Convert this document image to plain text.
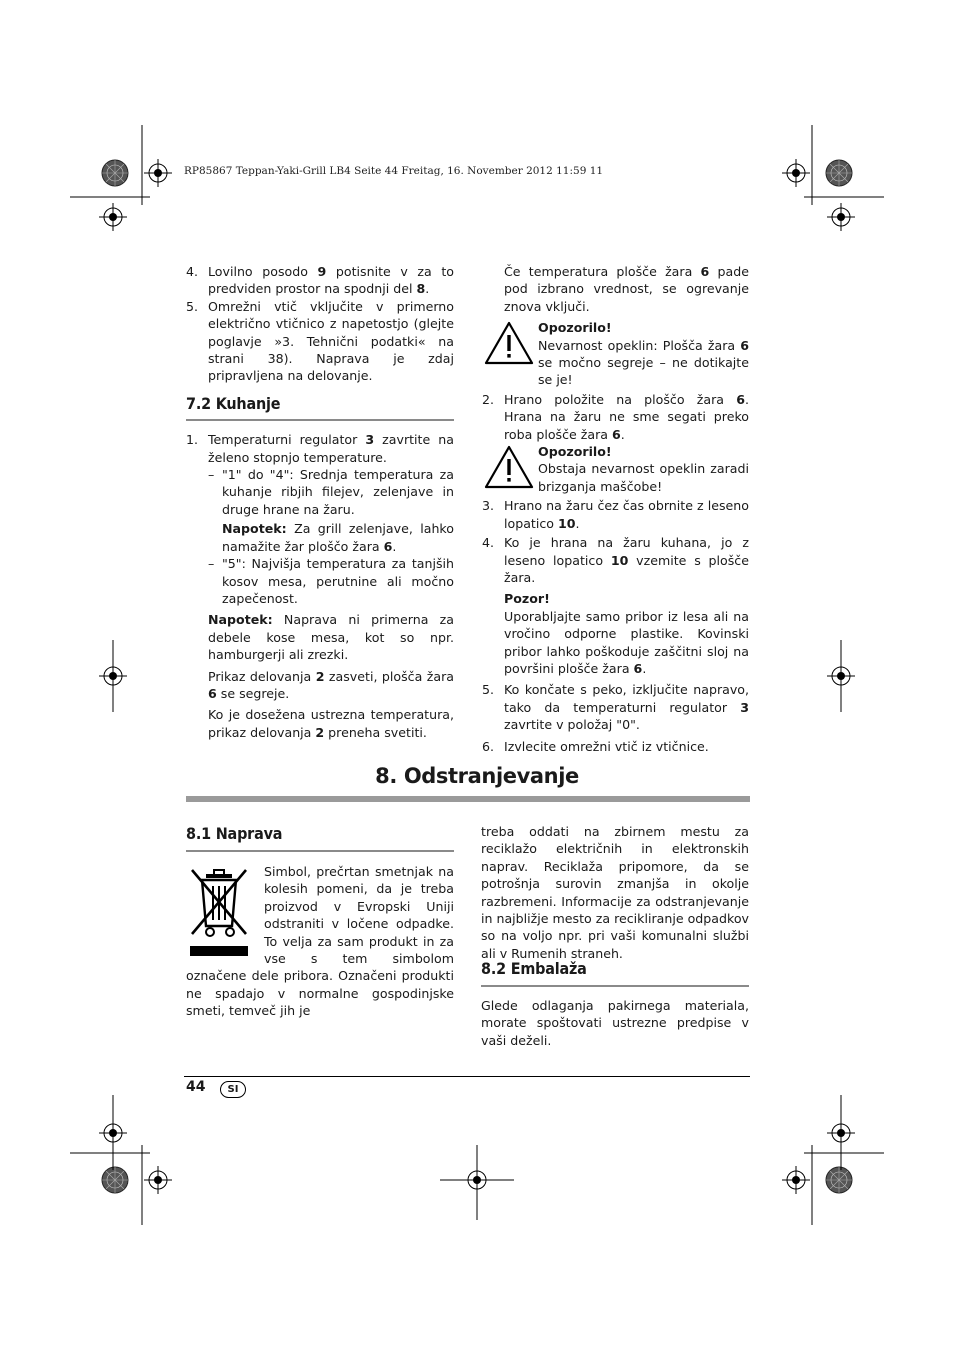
RP85867 Teppan-Yaki-Grill LB4 Seite 44 Freitag, 16. November 2012 11:59 11
4. Lovilno posodo 9 potisnite v za to predviden prostor na spodnji del 8.

5. Omrežni vtič vključite v primerno električno vtičnico z napetostjo (glejte poglavje »3. Tehnični podatki« na strani 38). Naprava je zdaj pripravljena na delovanje.

7.2 Kuhanje
1. Temperaturni regulator 3 zavrtite na želeno stopnjo temperature.

– "1" do "4": Srednja temperatura za kuhanje ribjih filejev, zelenjave in druge hrane na žaru.

Napotek: Za grill zelenjave, lahko namažite žar ploščo žara 6.

– "5": Najvišja temperatura za tanjših kosov mesa, perutnine ali močno zapečenost.

Napotek: Naprava ni primerna za debele kose mesa, kot so npr. hamburgerji ali zrezki.

Prikaz delovanja 2 zasveti, plošča žara 6 se segreje.

Ko je dosežena ustrezna temperatura, prikaz delovanja 2 preneha svetiti.

Če temperatura plošče žara 6 pade pod izbrano vrednost, se ogrevanje znova vključi.

Opozorilo!
Nevarnost opeklin: Plošča žara 6 se močno segreje – ne dotikajte se je!

2. Hrano položite na ploščo žara 6. Hrana na žaru ne sme segati preko roba plošče žara 6.

Opozorilo!
Obstaja nevarnost opeklin zaradi brizganja maščobe!

3. Hrano na žaru čez čas obrnite z leseno lopatico 10.

4. Ko je hrana na žaru kuhana, jo z leseno lopatico 10 vzemite s plošče žara.

Pozor!
Uporabljajte samo pribor iz lesa ali na vročino odporne plastike. Kovinski pribor lahko poškoduje zaščitni sloj na površini plošče žara 6.

5. Ko končate s peko, izključite napravo, tako da temperaturni regulator 3 zavrtite v položaj "0".

6. Izvlecite omrežni vtič iz vtičnice.

8. Odstranjevanje
8.1 Naprava

Simbol, prečrtan smetnjak na kolesih pomeni, da je treba proizvod v Evropski Uniji odstraniti v ločene odpadke. To velja za sam produkt in za vse s tem simbolom označene dele pribora. Označeni produkti ne spadajo v normalne gospodinjske smeti, temveč jih je

treba oddati na zbirnem mestu za reciklažo električnih in elektronskih naprav. Reciklaža pripomore, da se potrošnja surovin zmanjša in okolje razbremeni. Informacije za odstranjevanje in najbližje mesto za recikliranje odpadkov so na voljo npr. pri vaši komunalni službi ali v Rumenih straneh.

8.2 Embalaža

Glede odlaganja pakirnega materiala, morate spoštovati ustrezne predpise v vaši deželi.

44	SI
